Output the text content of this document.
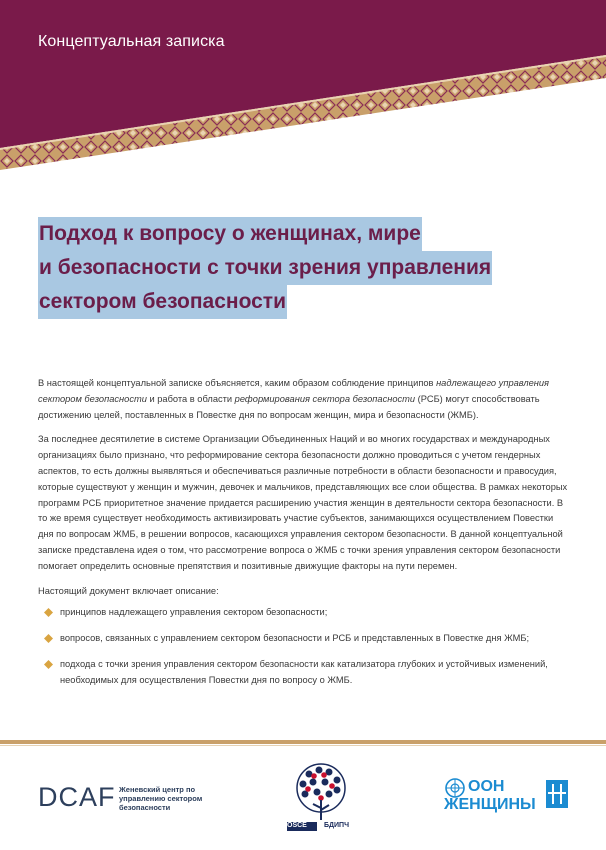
Концептуальная записка
Подход к вопросу о женщинах, мире
и безопасности с точки зрения управления
сектором безопасности

В настоящей концептуальной записке объясняется, каким образом соблюдение принципов надлежащего управления сектором безопасности и работа в области реформирования сектора безопасности (РСБ) могут способствовать достижению целей, поставленных в Повестке дня по вопросам женщин, мира и безопасности (ЖМБ).

За последнее десятилетие в системе Организации Объединенных Наций и во многих государствах и международных организациях было признано, что реформирование сектора безопасности должно проводиться с учетом гендерных аспектов, то есть должны выявляться и обеспечиваться различные потребности в области безопасности и правосудия, которые существуют у женщин и мужчин, девочек и мальчиков, представляющих все слои общества. В рамках некоторых программ РСБ приоритетное значение придается расширению участия женщин в деятельности сектора безопасности. В то же время существует необходимость активизировать участие субъектов, занимающихся осуществлением Повестки дня по вопросам ЖМБ, в решении вопросов, касающихся управления сектором безопасности. В данной концептуальной записке представлена идея о том, что рассмотрение вопроса о ЖМБ с точки зрения управления сектором безопасности помогает определить основные препятствия и позитивные движущие факторы на пути перемен.

Настоящий документ включает описание:

принципов надлежащего управления сектором безопасности;
вопросов, связанных с управлением сектором безопасности и РСБ и представленных в Повестке дня ЖМБ;
подхода с точки зрения управления сектором безопасности как катализатора глубоких и устойчивых изменений, необходимых для осуществления Повестки дня по вопросу о ЖМБ.
DCAF Женевский центр по управлению сектором безопасности
OSCE БДИПЧ
ООН
ЖЕНЩИНЫ
